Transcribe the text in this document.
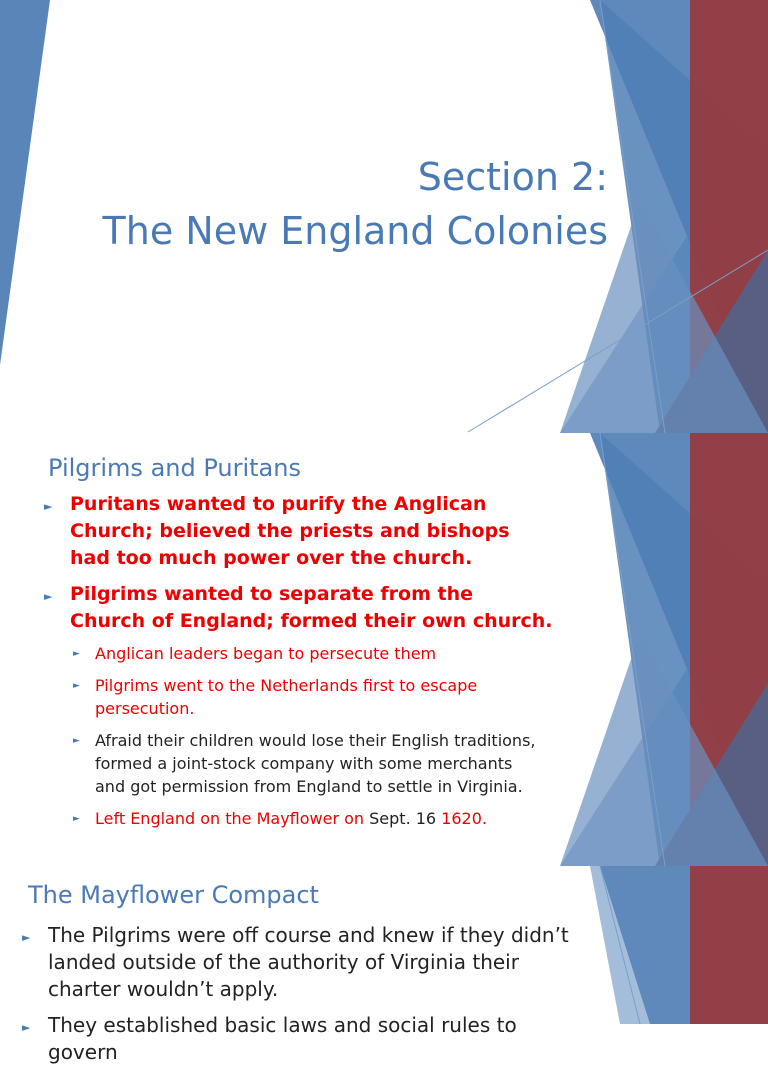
Section 2:
The New England Colonies
Pilgrims and Puritans
► Puritans wanted to purify the Anglican Church; believed the priests and bishops had too much power over the church.
► Pilgrims wanted to separate from the Church of England; formed their own church.
► Anglican leaders began to persecute them
► Pilgrims went to the Netherlands first to escape persecution.
► Afraid their children would lose their English traditions, formed a joint-stock company with some merchants and got permission from England to settle in Virginia.
► Left England on the Mayflower on Sept. 16 1620.
The Mayflower Compact
► The Pilgrims were off course and knew if they didn’t landed outside of the authority of Virginia their charter wouldn’t apply.
► They established basic laws and social rules to govern
